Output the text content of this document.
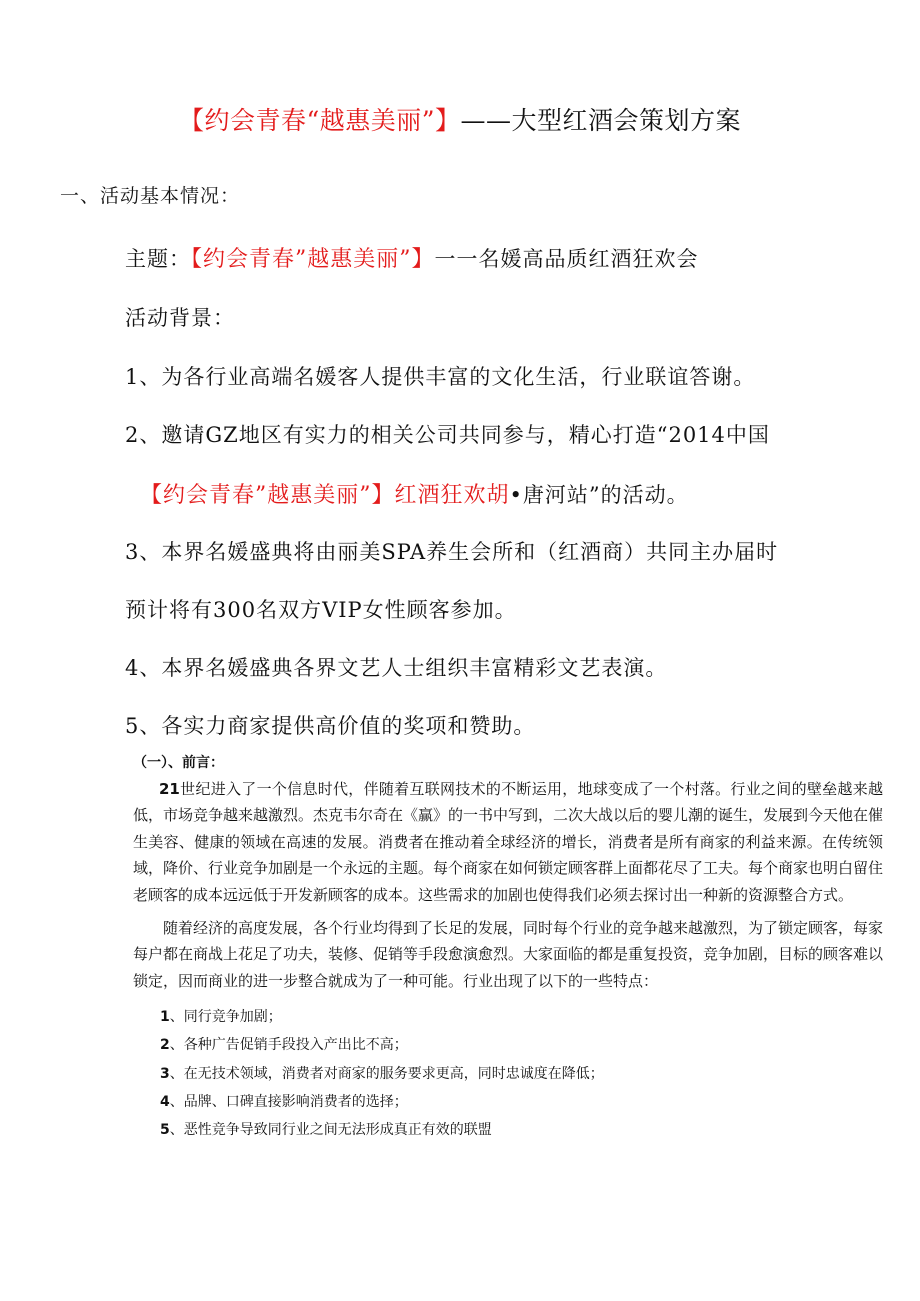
【约会青春“越惠美丽”】——大型红酒会策划方案
一、活动基本情况：
主题：【约会青春”越惠美丽”】一一名媛高品质红酒狂欢会
活动背景：
1、为各行业高端名媛客人提供丰富的文化生活，行业联谊答谢。
2、邀请GZ地区有实力的相关公司共同参与，精心打造“2014中国
【约会青春”越惠美丽”】红酒狂欢胡•唐河站”的活动。
3、本界名媛盛典将由丽美SPA养生会所和（红酒商）共同主办届时
预计将有300名双方VIP女性顾客参加。
4、本界名媛盛典各界文艺人士组织丰富精彩文艺表演。
5、各实力商家提供高价值的奖项和赞助。
（一）、前言：
21世纪进入了一个信息时代，伴随着互联网技术的不断运用，地球变成了一个村落。行业之间的壁垒越来越低，市场竞争越来越激烈。杰克韦尔奇在《赢》的一书中写到，二次大战以后的婴儿潮的诞生，发展到今天他在催生美容、健康的领域在高速的发展。消费者在推动着全球经济的增长，消费者是所有商家的利益来源。在传统领域，降价、行业竞争加剧是一个永远的主题。每个商家在如何锁定顾客群上面都花尽了工夫。每个商家也明白留住老顾客的成本远远低于开发新顾客的成本。这些需求的加剧也使得我们必须去探讨出一种新的资源整合方式。
随着经济的高度发展，各个行业均得到了长足的发展，同时每个行业的竞争越来越激烈，为了锁定顾客，每家每户都在商战上花足了功夫，装修、促销等手段愈演愈烈。大家面临的都是重复投资，竞争加剧，目标的顾客难以锁定，因而商业的进一步整合就成为了一种可能。行业出现了以下的一些特点：
1、同行竞争加剧；
2、各种广告促销手段投入产出比不高；
3、在无技术领域，消费者对商家的服务要求更高，同时忠诚度在降低；
4、品牌、口碑直接影响消费者的选择；
5、恶性竞争导致同行业之间无法形成真正有效的联盟
